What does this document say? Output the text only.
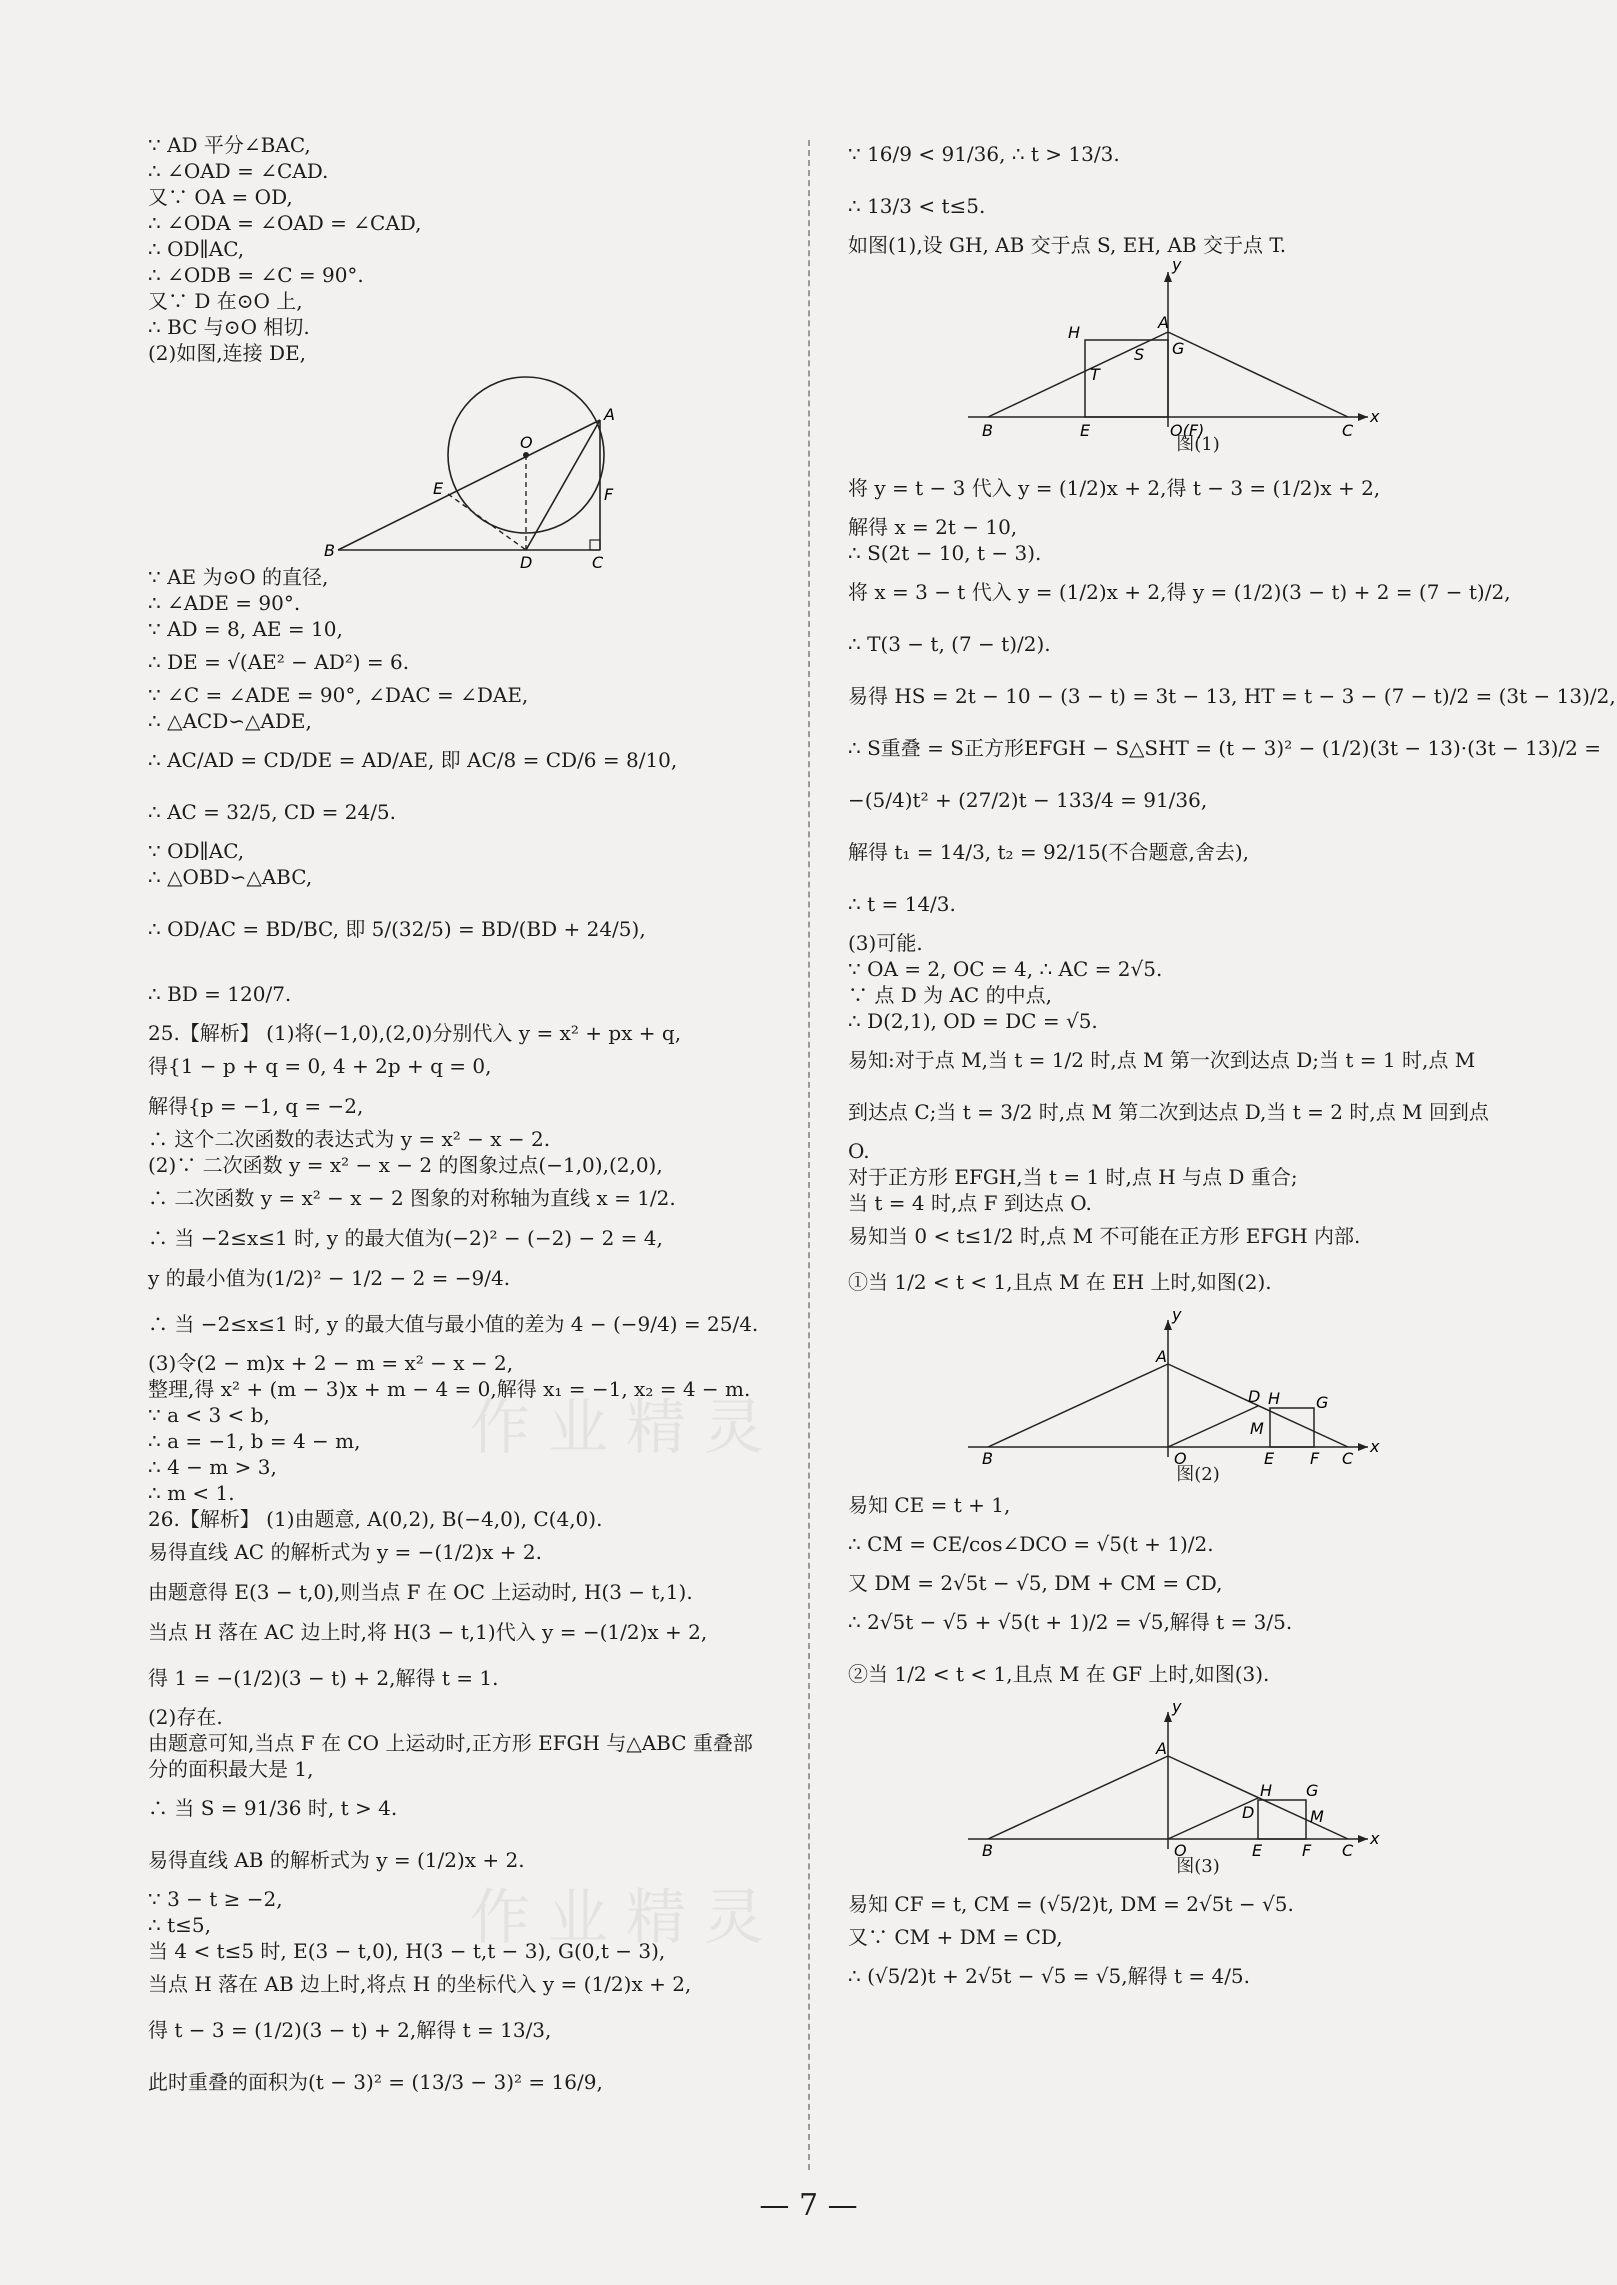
∵ AD 平分∠BAC,
∴ ∠OAD = ∠CAD.
又∵ OA = OD,
∴ ∠ODA = ∠OAD = ∠CAD,
∴ OD∥AC,
∴ ∠ODB = ∠C = 90°.
又∵ D 在⊙O 上,
∴ BC 与⊙O 相切.
(2)如图,连接 DE,
O
A
E	F
B
D	C
∵ AE 为⊙O 的直径,
∴ ∠ADE = 90°.
∵ AD = 8, AE = 10,
∴ DE = √(AE² − AD²) = 6.
∵ ∠C = ∠ADE = 90°, ∠DAC = ∠DAE,
∴ △ACD∽△ADE,
∴ AC/AD = CD/DE = AD/AE, 即 AC/8 = CD/6 = 8/10,
∴ AC = 32/5, CD = 24/5.
∵ OD∥AC,
∴ △OBD∽△ABC,
∴ OD/AC = BD/BC, 即 5/(32/5) = BD/(BD + 24/5),
∴ BD = 120/7.
25.【解析】 (1)将(−1,0),(2,0)分别代入 y = x² + px + q,
得{1 − p + q = 0, 4 + 2p + q = 0,
解得{p = −1, q = −2,
∴ 这个二次函数的表达式为 y = x² − x − 2.
(2)∵ 二次函数 y = x² − x − 2 的图象过点(−1,0),(2,0),
∴ 二次函数 y = x² − x − 2 图象的对称轴为直线 x = 1/2.
∴ 当 −2≤x≤1 时, y 的最大值为(−2)² − (−2) − 2 = 4,
y 的最小值为(1/2)² − 1/2 − 2 = −9/4.
∴ 当 −2≤x≤1 时, y 的最大值与最小值的差为 4 − (−9/4) = 25/4.
(3)令(2 − m)x + 2 − m = x² − x − 2,
整理,得 x² + (m − 3)x + m − 4 = 0,解得 x₁ = −1, x₂ = 4 − m.
∵ a < 3 < b,
∴ a = −1, b = 4 − m,
∴ 4 − m > 3,
∴ m < 1.
26.【解析】 (1)由题意, A(0,2), B(−4,0), C(4,0).
易得直线 AC 的解析式为 y = −(1/2)x + 2.
由题意得 E(3 − t,0),则当点 F 在 OC 上运动时, H(3 − t,1).
当点 H 落在 AC 边上时,将 H(3 − t,1)代入 y = −(1/2)x + 2,
得 1 = −(1/2)(3 − t) + 2,解得 t = 1.
(2)存在.
由题意可知,当点 F 在 CO 上运动时,正方形 EFGH 与△ABC 重叠部
分的面积最大是 1,
∴ 当 S = 91/36 时, t > 4.
易得直线 AB 的解析式为 y = (1/2)x + 2.
∵ 3 − t ≥ −2,
∴ t≤5,
当 4 < t≤5 时, E(3 − t,0), H(3 − t,t − 3), G(0,t − 3),
当点 H 落在 AB 边上时,将点 H 的坐标代入 y = (1/2)x + 2,
得 t − 3 = (1/2)(3 − t) + 2,解得 t = 13/3,
此时重叠的面积为(t − 3)² = (13/3 − 3)² = 16/9,
∵ 16/9 < 91/36, ∴ t > 13/3.
∴ 13/3 < t≤5.
如图(1),设 GH, AB 交于点 S, EH, AB 交于点 T.
y
A
H
G
T
S
B	E	O(F)	C
x
图(1)
将 y = t − 3 代入 y = (1/2)x + 2,得 t − 3 = (1/2)x + 2,
解得 x = 2t − 10,
∴ S(2t − 10, t − 3).
将 x = 3 − t 代入 y = (1/2)x + 2,得 y = (1/2)(3 − t) + 2 = (7 − t)/2,
∴ T(3 − t, (7 − t)/2).
易得 HS = 2t − 10 − (3 − t) = 3t − 13, HT = t − 3 − (7 − t)/2 = (3t − 13)/2,
∴ S重叠 = S正方形EFGH − S△SHT = (t − 3)² − (1/2)(3t − 13)·(3t − 13)/2 =
−(5/4)t² + (27/2)t − 133/4 = 91/36,
解得 t₁ = 14/3, t₂ = 92/15(不合题意,舍去),
∴ t = 14/3.
(3)可能.
∵ OA = 2, OC = 4, ∴ AC = 2√5.
∵ 点 D 为 AC 的中点,
∴ D(2,1), OD = DC = √5.
易知:对于点 M,当 t = 1/2 时,点 M 第一次到达点 D;当 t = 1 时,点 M
到达点 C;当 t = 3/2 时,点 M 第二次到达点 D,当 t = 2 时,点 M 回到点
O.
对于正方形 EFGH,当 t = 1 时,点 H 与点 D 重合;
当 t = 4 时,点 F 到达点 O.
易知当 0 < t≤1/2 时,点 M 不可能在正方形 EFGH 内部.
①当 1/2 < t < 1,且点 M 在 EH 上时,如图(2).
y
A
D H G
M
B	O	E F C
x
图(2)
易知 CE = t + 1,
∴ CM = CE/cos∠DCO = √5(t + 1)/2.
又 DM = 2√5t − √5, DM + CM = CD,
∴ 2√5t − √5 + √5(t + 1)/2 = √5,解得 t = 3/5.
②当 1/2 < t < 1,且点 M 在 GF 上时,如图(3).
y
A
H G
D	M
B	O	E F C
x
图(3)
易知 CF = t, CM = (√5/2)t, DM = 2√5t − √5.
又∵ CM + DM = CD,
∴ (√5/2)t + 2√5t − √5 = √5,解得 t = 4/5.
作业精灵
作业精灵
— 7 —
